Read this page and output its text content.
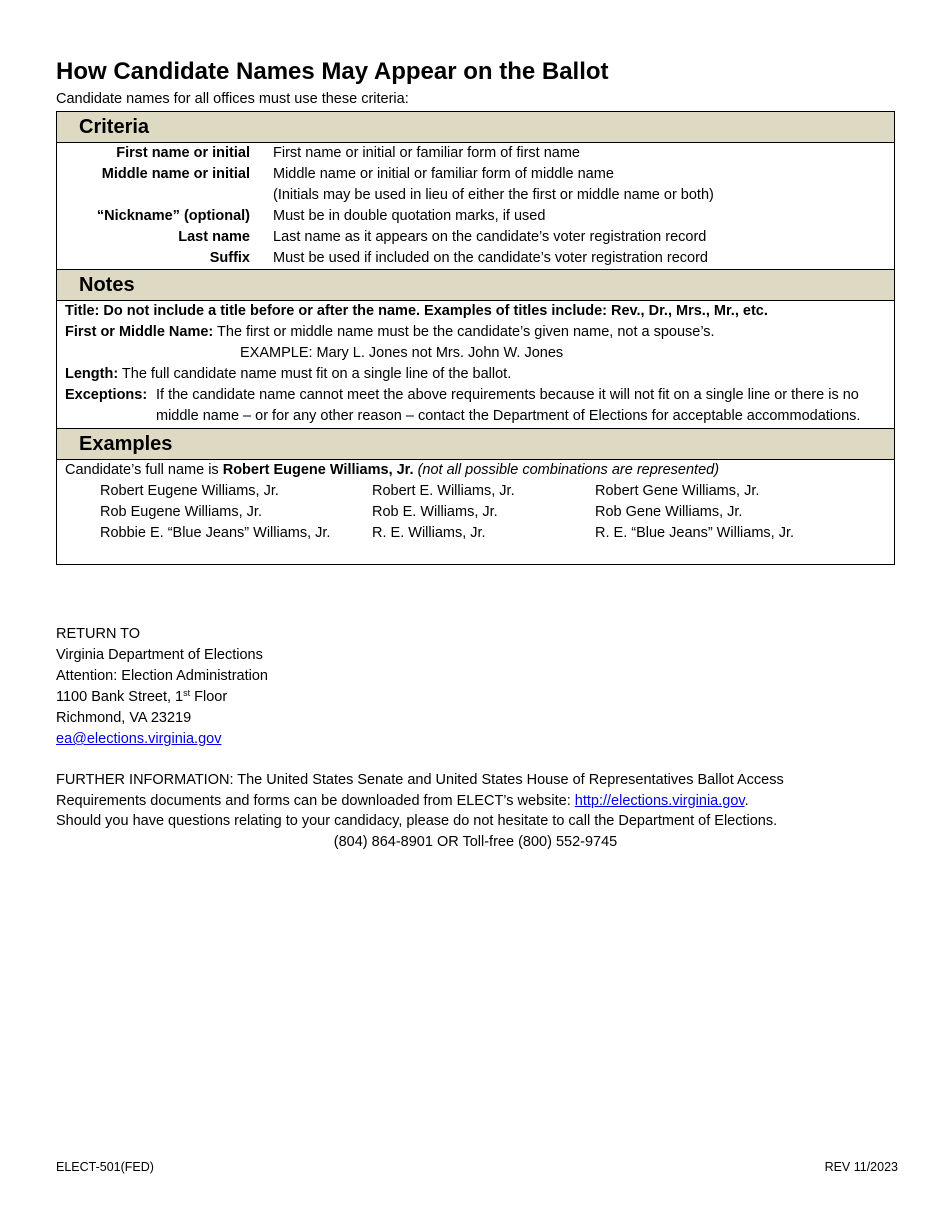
How Candidate Names May Appear on the Ballot
Candidate names for all offices must use these criteria:
Criteria
First name or initial	First name or initial or familiar form of first name
Middle name or initial	Middle name or initial or familiar form of middle name
(Initials may be used in lieu of either the first or middle name or both)
“Nickname” (optional)	Must be in double quotation marks, if used
Last name	Last name as it appears on the candidate’s voter registration record
Suffix	Must be used if included on the candidate’s voter registration record
Notes
Title: Do not include a title before or after the name. Examples of titles include: Rev., Dr., Mrs., Mr., etc.
First or Middle Name: The first or middle name must be the candidate’s given name, not a spouse’s.
EXAMPLE: Mary L. Jones not Mrs. John W. Jones
Length: The full candidate name must fit on a single line of the ballot.
Exceptions: If the candidate name cannot meet the above requirements because it will not fit on a single line or there is no middle name – or for any other reason – contact the Department of Elections for acceptable accommodations.
Examples
Candidate’s full name is Robert Eugene Williams, Jr. (not all possible combinations are represented)
Robert Eugene Williams, Jr.	Robert E. Williams, Jr.	Robert Gene Williams, Jr.
Rob Eugene Williams, Jr.	Rob E. Williams, Jr.	Rob Gene Williams, Jr.
Robbie E. “Blue Jeans” Williams, Jr.	R. E. Williams, Jr.	R. E. “Blue Jeans” Williams, Jr.
RETURN TO
Virginia Department of Elections
Attention: Election Administration
1100 Bank Street, 1st Floor
Richmond, VA 23219
ea@elections.virginia.gov
FURTHER INFORMATION: The United States Senate and United States House of Representatives Ballot Access
Requirements documents and forms can be downloaded from ELECT’s website: http://elections.virginia.gov.
Should you have questions relating to your candidacy, please do not hesitate to call the Department of Elections.
(804) 864-8901 OR Toll-free (800) 552-9745
ELECT-501(FED)	REV 11/2023
